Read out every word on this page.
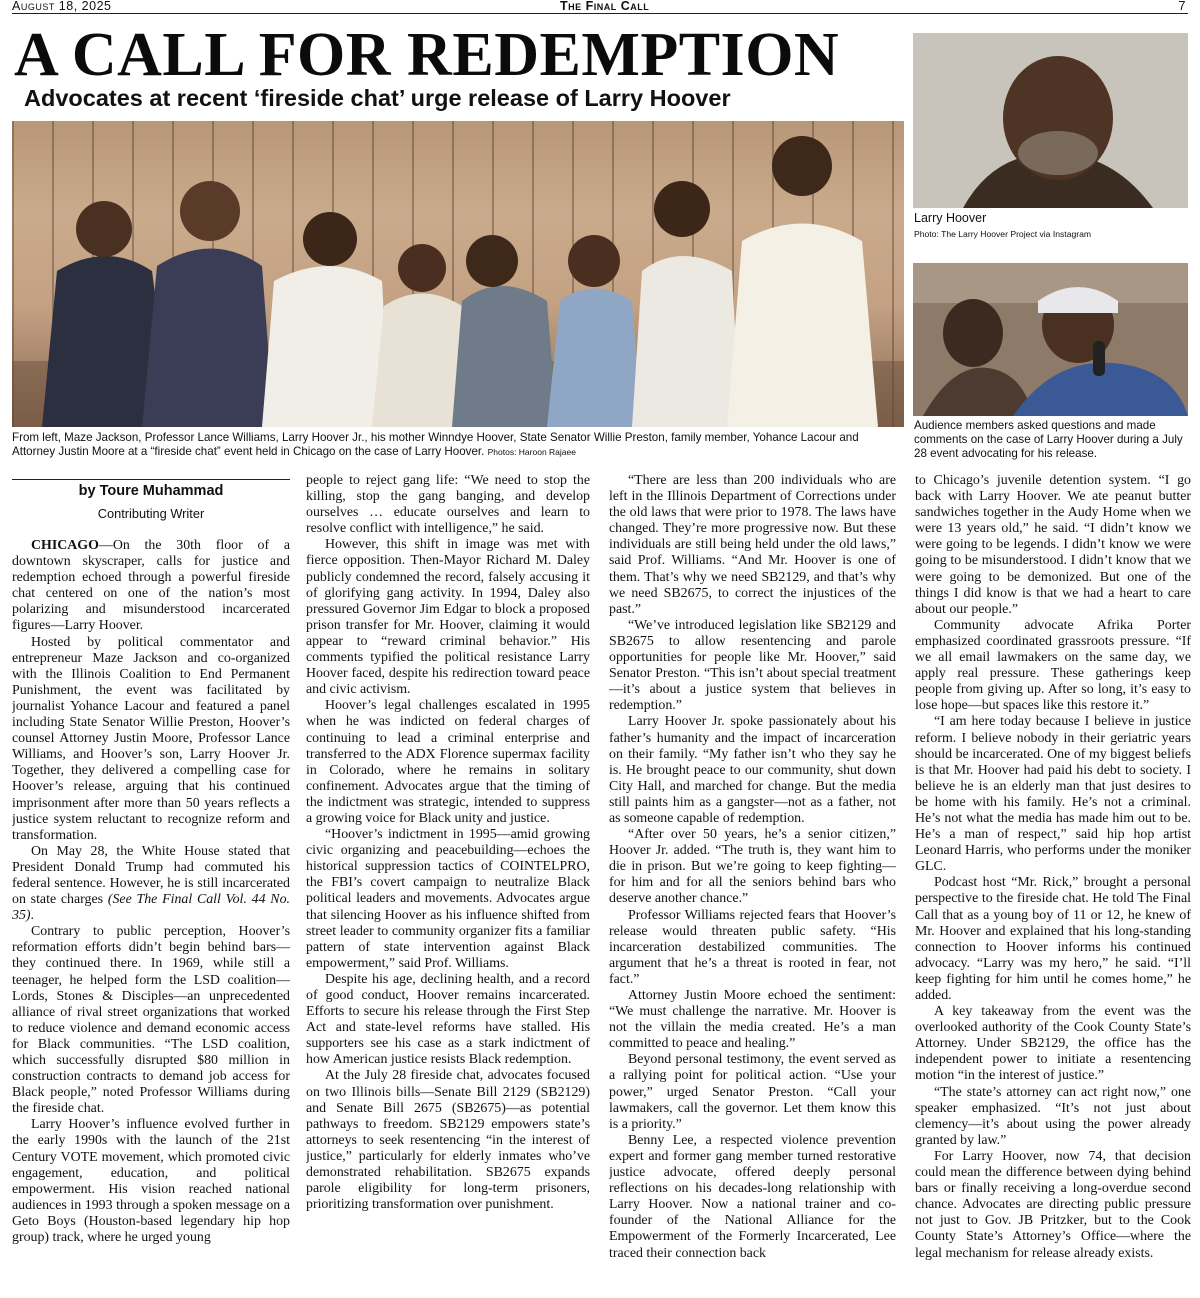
August 18, 2025	The Final Call	7
A CALL FOR REDEMPTION
Advocates at recent ‘fireside chat’ urge release of Larry Hoover
Larry Hoover
Photo: The Larry Hoover Project via Instagram
Audience members asked questions and made comments on the case of Larry Hoover during a July 28 event advocating for his release.
From left, Maze Jackson, Professor Lance Williams, Larry Hoover Jr., his mother Winndye Hoover, State Senator Willie Preston, family member, Yohance Lacour and Attorney Justin Moore at a “fireside chat” event held in Chicago on the case of Larry Hoover. Photos: Haroon Rajaee
by Toure Muhammad
Contributing Writer

CHICAGO—On the 30th floor of a downtown skyscraper, calls for justice and redemption echoed through a powerful fireside chat centered on one of the nation’s most polarizing and misunderstood incarcerated figures—Larry Hoover.

Hosted by political commentator and entrepreneur Maze Jackson and co-organized with the Illinois Coalition to End Permanent Punishment, the event was facilitated by journalist Yohance Lacour and featured a panel including State Senator Willie Preston, Hoover’s counsel Attorney Justin Moore, Professor Lance Williams, and Hoover’s son, Larry Hoover Jr. Together, they delivered a compelling case for Hoover’s release, arguing that his continued imprisonment after more than 50 years reflects a justice system reluctant to recognize reform and transformation.

On May 28, the White House stated that President Donald Trump had commuted his federal sentence. However, he is still incarcerated on state charges (See The Final Call Vol. 44 No. 35).

Contrary to public perception, Hoover’s reformation efforts didn’t begin behind bars—they continued there. In 1969, while still a teenager, he helped form the LSD coalition—Lords, Stones & Disciples—an unprecedented alliance of rival street organizations that worked to reduce violence and demand economic access for Black communities. “The LSD coalition, which successfully disrupted $80 million in construction contracts to demand job access for Black people,” noted Professor Williams during the fireside chat.

Larry Hoover’s influence evolved further in the early 1990s with the launch of the 21st Century VOTE movement, which promoted civic engagement, education, and political empowerment. His vision reached national audiences in 1993 through a spoken message on a Geto Boys (Houston-based legendary hip hop group) track, where he urged young

people to reject gang life: “We need to stop the killing, stop the gang banging, and develop ourselves … educate ourselves and learn to resolve conflict with intelligence,” he said.

However, this shift in image was met with fierce opposition. Then-Mayor Richard M. Daley publicly condemned the record, falsely accusing it of glorifying gang activity. In 1994, Daley also pressured Governor Jim Edgar to block a proposed prison transfer for Mr. Hoover, claiming it would appear to “reward criminal behavior.” His comments typified the political resistance Larry Hoover faced, despite his redirection toward peace and civic activism.

Hoover’s legal challenges escalated in 1995 when he was indicted on federal charges of continuing to lead a criminal enterprise and transferred to the ADX Florence supermax facility in Colorado, where he remains in solitary confinement. Advocates argue that the timing of the indictment was strategic, intended to suppress a growing voice for Black unity and justice.

“Hoover’s indictment in 1995—amid growing civic organizing and peacebuilding—echoes the historical suppression tactics of COINTELPRO, the FBI’s covert campaign to neutralize Black political leaders and movements. Advocates argue that silencing Hoover as his influence shifted from street leader to community organizer fits a familiar pattern of state intervention against Black empowerment,” said Prof. Williams.

Despite his age, declining health, and a record of good conduct, Hoover remains incarcerated. Efforts to secure his release through the First Step Act and state-level reforms have stalled. His supporters see his case as a stark indictment of how American justice resists Black redemption.

At the July 28 fireside chat, advocates focused on two Illinois bills—Senate Bill 2129 (SB2129) and Senate Bill 2675 (SB2675)—as potential pathways to freedom. SB2129 empowers state’s attorneys to seek resentencing “in the interest of justice,” particularly for elderly inmates who’ve demonstrated rehabilitation. SB2675 expands parole eligibility for long-term prisoners, prioritizing transformation over punishment.

“There are less than 200 individuals who are left in the Illinois Department of Corrections under the old laws that were prior to 1978. The laws have changed. They’re more progressive now. But these individuals are still being held under the old laws,” said Prof. Williams. “And Mr. Hoover is one of them. That’s why we need SB2129, and that’s why we need SB2675, to correct the injustices of the past.”

“We’ve introduced legislation like SB2129 and SB2675 to allow resentencing and parole opportunities for people like Mr. Hoover,” said Senator Preston. “This isn’t about special treatment—it’s about a justice system that believes in redemption.”

Larry Hoover Jr. spoke passionately about his father’s humanity and the impact of incarceration on their family. “My father isn’t who they say he is. He brought peace to our community, shut down City Hall, and marched for change. But the media still paints him as a gangster—not as a father, not as someone capable of redemption.

“After over 50 years, he’s a senior citizen,” Hoover Jr. added. “The truth is, they want him to die in prison. But we’re going to keep fighting—for him and for all the seniors behind bars who deserve another chance.”

Professor Williams rejected fears that Hoover’s release would threaten public safety. “His incarceration destabilized communities. The argument that he’s a threat is rooted in fear, not fact.”

Attorney Justin Moore echoed the sentiment: “We must challenge the narrative. Mr. Hoover is not the villain the media created. He’s a man committed to peace and healing.”

Beyond personal testimony, the event served as a rallying point for political action. “Use your power,” urged Senator Preston. “Call your lawmakers, call the governor. Let them know this is a priority.”

Benny Lee, a respected violence prevention expert and former gang member turned restorative justice advocate, offered deeply personal reflections on his decades-long relationship with Larry Hoover. Now a national trainer and co-founder of the National Alliance for the Empowerment of the Formerly Incarcerated, Lee traced their connection back

to Chicago’s juvenile detention system. “I go back with Larry Hoover. We ate peanut butter sandwiches together in the Audy Home when we were 13 years old,” he said. “I didn’t know we were going to be legends. I didn’t know we were going to be misunderstood. I didn’t know that we were going to be demonized. But one of the things I did know is that we had a heart to care about our people.”

Community advocate Afrika Porter emphasized coordinated grassroots pressure. “If we all email lawmakers on the same day, we apply real pressure. These gatherings keep people from giving up. After so long, it’s easy to lose hope—but spaces like this restore it.”

“I am here today because I believe in justice reform. I believe nobody in their geriatric years should be incarcerated. One of my biggest beliefs is that Mr. Hoover had paid his debt to society. I believe he is an elderly man that just desires to be home with his family. He’s not a criminal. He’s not what the media has made him out to be. He’s a man of respect,” said hip hop artist Leonard Harris, who performs under the moniker GLC.

Podcast host “Mr. Rick,” brought a personal perspective to the fireside chat. He told The Final Call that as a young boy of 11 or 12, he knew of Mr. Hoover and explained that his long-standing connection to Hoover informs his continued advocacy. “Larry was my hero,” he said. “I’ll keep fighting for him until he comes home,” he added.

A key takeaway from the event was the overlooked authority of the Cook County State’s Attorney. Under SB2129, the office has the independent power to initiate a resentencing motion “in the interest of justice.”

“The state’s attorney can act right now,” one speaker emphasized. “It’s not just about clemency—it’s about using the power already granted by law.”

For Larry Hoover, now 74, that decision could mean the difference between dying behind bars or finally receiving a long-overdue second chance. Advocates are directing public pressure not just to Gov. JB Pritzker, but to the Cook County State’s Attorney’s Office—where the legal mechanism for release already exists.
